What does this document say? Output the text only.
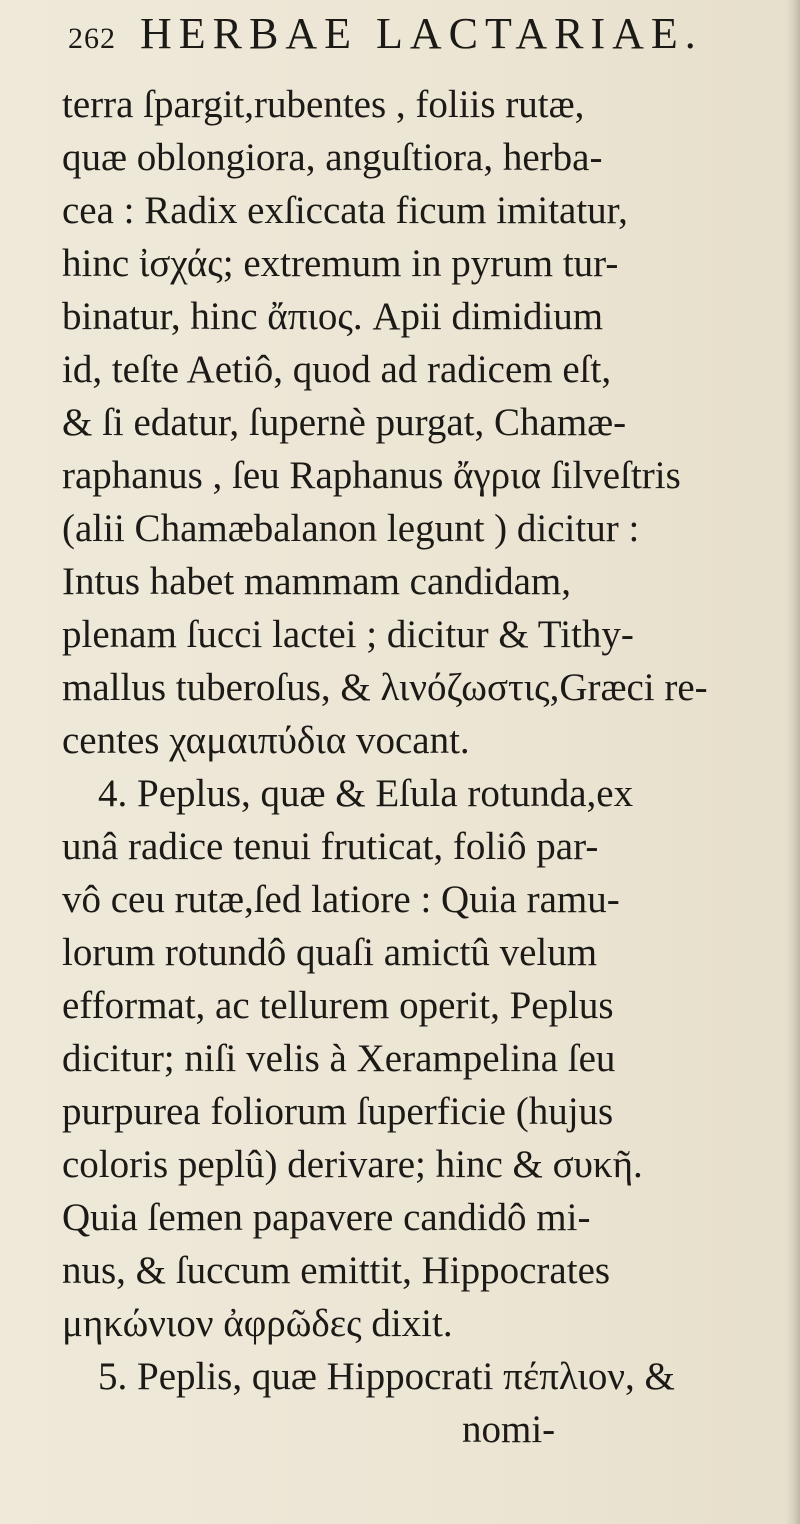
262 HERBAE LACTARIAE.
terra ſpargit,rubentes , foliis rutæ,
quæ oblongiora, anguſtiora, herba-
cea : Radix exſiccata ficum imitatur,
hinc ἰσχάς; extremum in pyrum tur-
binatur, hinc ἄπιος. Apii dimidium
id, teſte Aetiô, quod ad radicem eſt,
& ſi edatur, ſupernè purgat, Chamæ-
raphanus , ſeu Raphanus ἄγρια ſilveſtris
(alii Chamæbalanon legunt ) dicitur :
Intus habet mammam candidam,
plenam ſucci lactei ; dicitur & Tithy-
mallus tuberoſus, & λινόζωστις,Græci re-
centes χαμαιπύδια vocant.
4. Peplus, quæ & Eſula rotunda,ex
unâ radice tenui fruticat, foliô par-
vô ceu rutæ,ſed latiore : Quia ramu-
lorum rotundô quaſi amictû velum
efformat, ac tellurem operit, Peplus
dicitur; niſi velis à Xerampelina ſeu
purpurea foliorum ſuperficie (hujus
coloris peplû) derivare; hinc & συκῆ.
Quia ſemen papavere candidô mi-
nus, & ſuccum emittit, Hippocrates
μηκώνιον ἀφρῶδες dixit.
5. Peplis, quæ Hippocrati πέπλιον, &
nomi-
